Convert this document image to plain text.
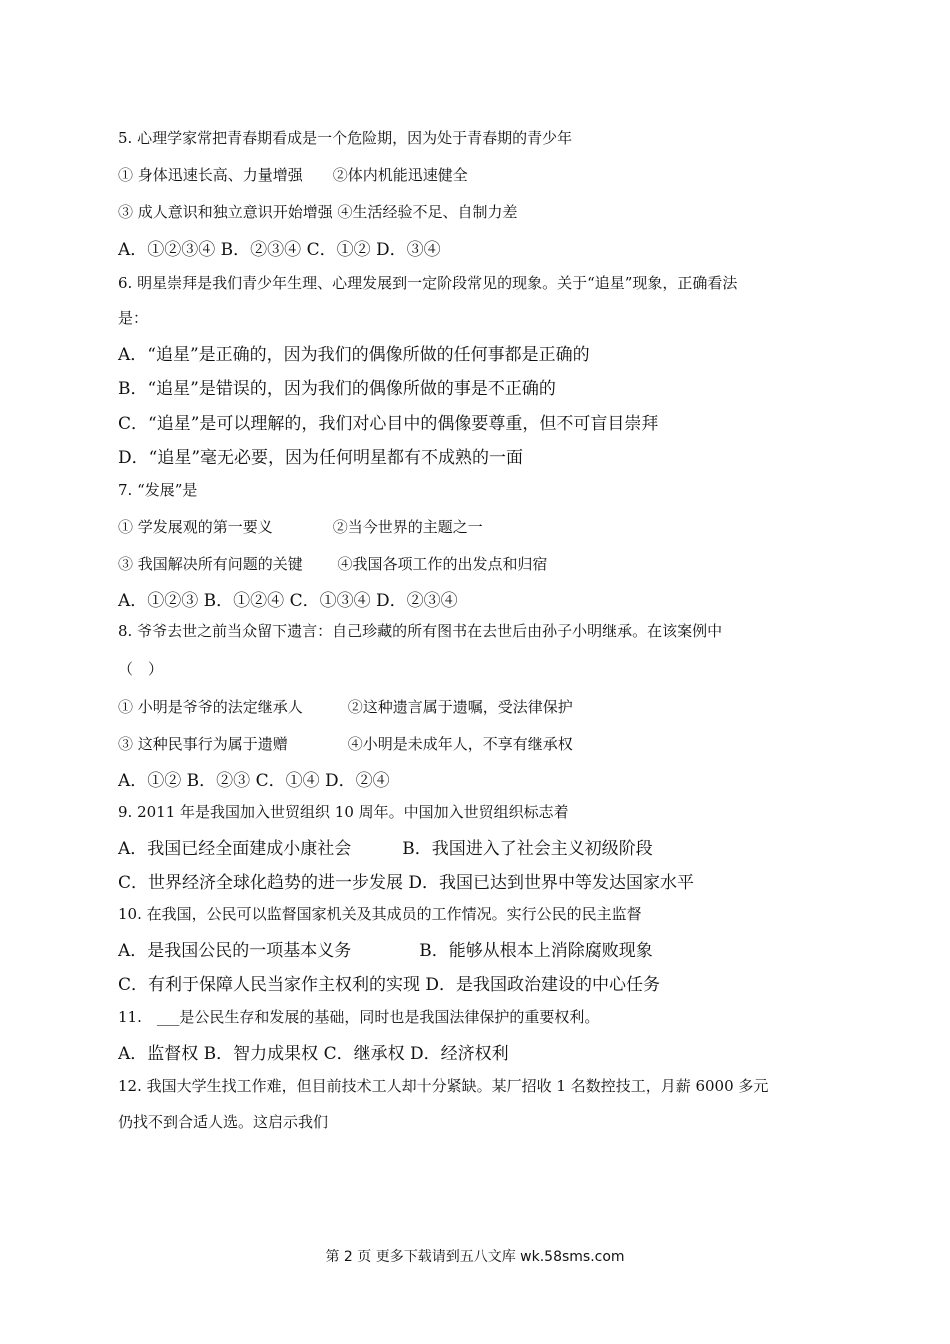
5. 心理学家常把青春期看成是一个危险期，因为处于青春期的青少年
① 身体迅速长高、力量增强　　②体内机能迅速健全
③ 成人意识和独立意识开始增强 ④生活经验不足、自制力差
A．①②③④ B．②③④ C．①② D．③④
6. 明星崇拜是我们青少年生理、心理发展到一定阶段常见的现象。关于“追星”现象，正确看法
是：
A．“追星”是正确的，因为我们的偶像所做的任何事都是正确的
B．“追星”是错误的，因为我们的偶像所做的事是不正确的
C．“追星”是可以理解的，我们对心目中的偶像要尊重，但不可盲目崇拜
D．“追星”毫无必要，因为任何明星都有不成熟的一面
7. “发展”是
① 学发展观的第一要义　　　　②当今世界的主题之一
③ 我国解决所有问题的关键　　 ④我国各项工作的出发点和归宿
A．①②③ B．①②④ C．①③④ D．②③④
8. 爷爷去世之前当众留下遗言：自己珍藏的所有图书在去世后由孙子小明继承。在该案例中
（　）
① 小明是爷爷的法定继承人　　　②这种遗言属于遗嘱，受法律保护
③ 这种民事行为属于遗赠　　　　④小明是未成年人，不享有继承权
A．①② B．②③ C．①④ D．②④
9. 2011 年是我国加入世贸组织 10 周年。中国加入世贸组织标志着
A．我国已经全面建成小康社会　　　B．我国进入了社会主义初级阶段
C．世界经济全球化趋势的进一步发展 D．我国已达到世界中等发达国家水平
10. 在我国，公民可以监督国家机关及其成员的工作情况。实行公民的民主监督
A．是我国公民的一项基本义务　　　　B．能够从根本上消除腐败现象
C．有利于保障人民当家作主权利的实现 D．是我国政治建设的中心任务
11.　___是公民生存和发展的基础，同时也是我国法律保护的重要权利。
A．监督权 B．智力成果权 C．继承权 D．经济权利
12. 我国大学生找工作难，但目前技术工人却十分紧缺。某厂招收 1 名数控技工，月薪 6000 多元
仍找不到合适人选。这启示我们
第 2 页 更多下载请到五八文库 wk.58sms.com
